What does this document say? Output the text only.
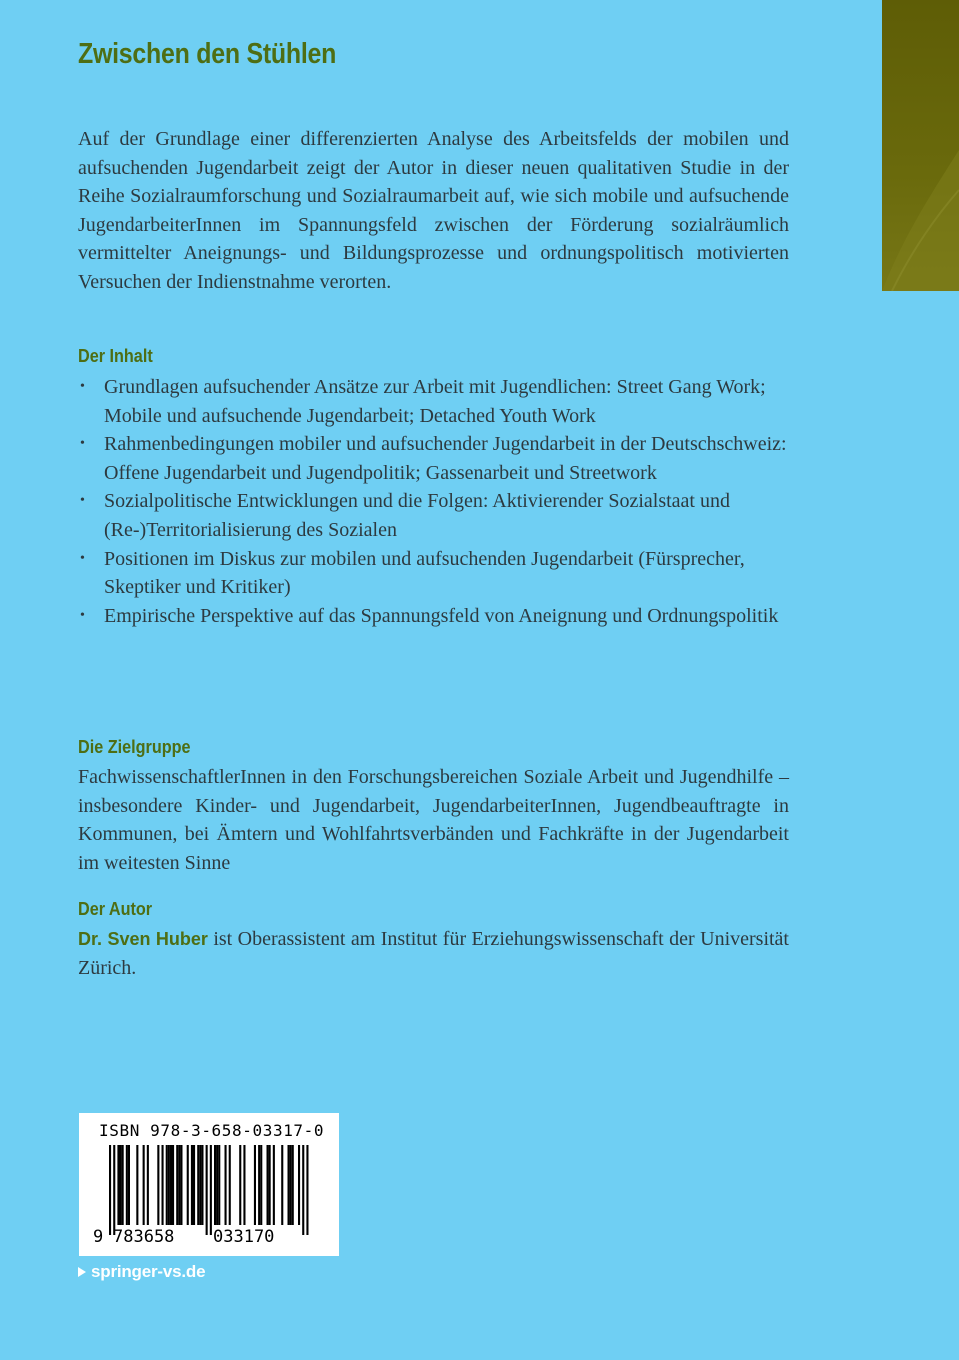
Zwischen den Stühlen

Auf der Grundlage einer differenzierten Analyse des Arbeitsfelds der mobilen und aufsuchenden Jugendarbeit zeigt der Autor in dieser neuen qualitativen Studie in der Reihe Sozialraumforschung und Sozialraumarbeit auf, wie sich mobile und aufsuchende JugendarbeiterInnen im Spannungsfeld zwischen der Förderung sozialräumlich vermittelter Aneignungs- und Bildungsprozesse und ordnungspolitisch motivierten Versuchen der Indienstnahme verorten.

Der Inhalt
• Grundlagen aufsuchender Ansätze zur Arbeit mit Jugendlichen: Street Gang Work; Mobile und aufsuchende Jugendarbeit; Detached Youth Work
• Rahmenbedingungen mobiler und aufsuchender Jugendarbeit in der Deutschschweiz: Offene Jugendarbeit und Jugendpolitik; Gassenarbeit und Streetwork
• Sozialpolitische Entwicklungen und die Folgen: Aktivierender Sozialstaat und (Re-)Territorialisierung des Sozialen
• Positionen im Diskus zur mobilen und aufsuchenden Jugendarbeit (Fürsprecher, Skeptiker und Kritiker)
• Empirische Perspektive auf das Spannungsfeld von Aneignung und Ordnungspolitik
Die Zielgruppe

FachwissenschaftlerInnen in den Forschungsbereichen Soziale Arbeit und Jugendhilfe – insbesondere Kinder- und Jugendarbeit, JugendarbeiterInnen, Jugendbeauftragte in Kommunen, bei Ämtern und Wohlfahrtsverbänden und Fachkräfte in der Jugendarbeit im weitesten Sinne

Der Autor

Dr. Sven Huber ist Oberassistent am Institut für Erziehungswissenschaft der Universität Zürich.

ISBN 978-3-658-03317-0
9 783658 033170
springer-vs.de
